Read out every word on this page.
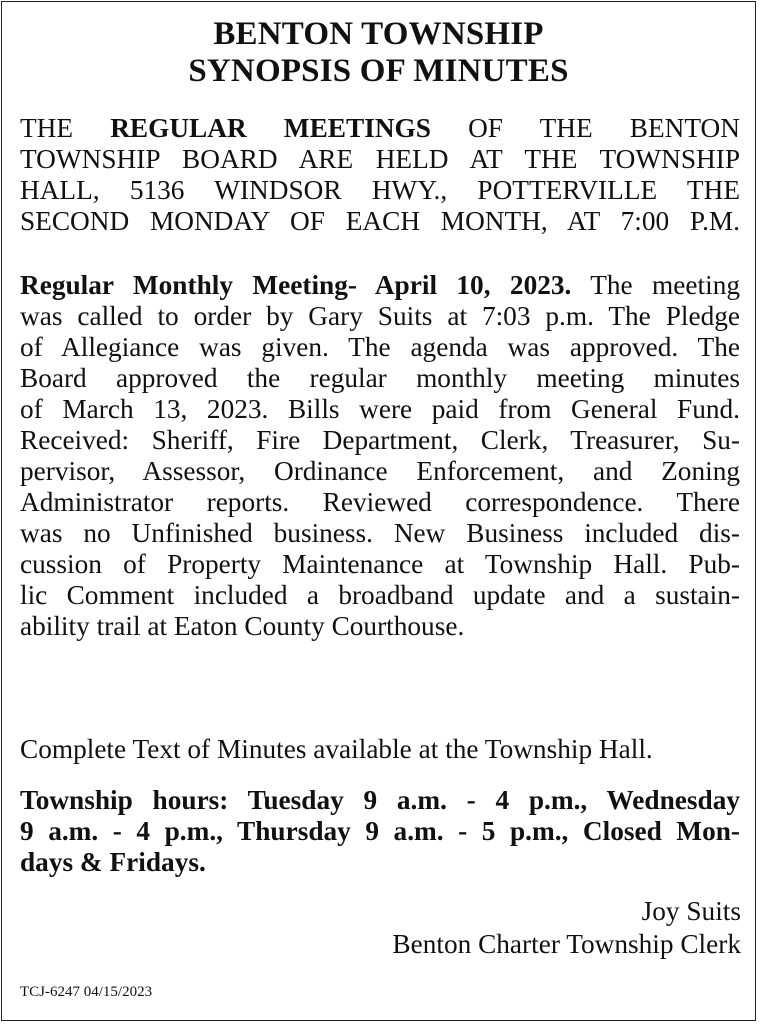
BENTON TOWNSHIP
SYNOPSIS OF MINUTES
THE REGULAR MEETINGS OF THE BENTON
TOWNSHIP BOARD ARE HELD AT THE TOWNSHIP
HALL, 5136 WINDSOR HWY., POTTERVILLE THE
SECOND MONDAY OF EACH MONTH, AT 7:00 P.M.
Regular Monthly Meeting- April 10, 2023. The meeting
was called to order by Gary Suits at 7:03 p.m. The Pledge
of Allegiance was given. The agenda was approved. The
Board approved the regular monthly meeting minutes
of March 13, 2023. Bills were paid from General Fund.
Received: Sheriff, Fire Department, Clerk, Treasurer, Su-
pervisor, Assessor, Ordinance Enforcement, and Zoning
Administrator reports. Reviewed correspondence. There
was no Unfinished business. New Business included dis-
cussion of Property Maintenance at Township Hall. Pub-
lic Comment included a broadband update and a sustain-
ability trail at Eaton County Courthouse.
Complete Text of Minutes available at the Township Hall.
Township hours: Tuesday 9 a.m. - 4 p.m., Wednesday
9 a.m. - 4 p.m., Thursday 9 a.m. - 5 p.m., Closed Mon-
days & Fridays.
Joy Suits
Benton Charter Township Clerk
TCJ-6247 04/15/2023
